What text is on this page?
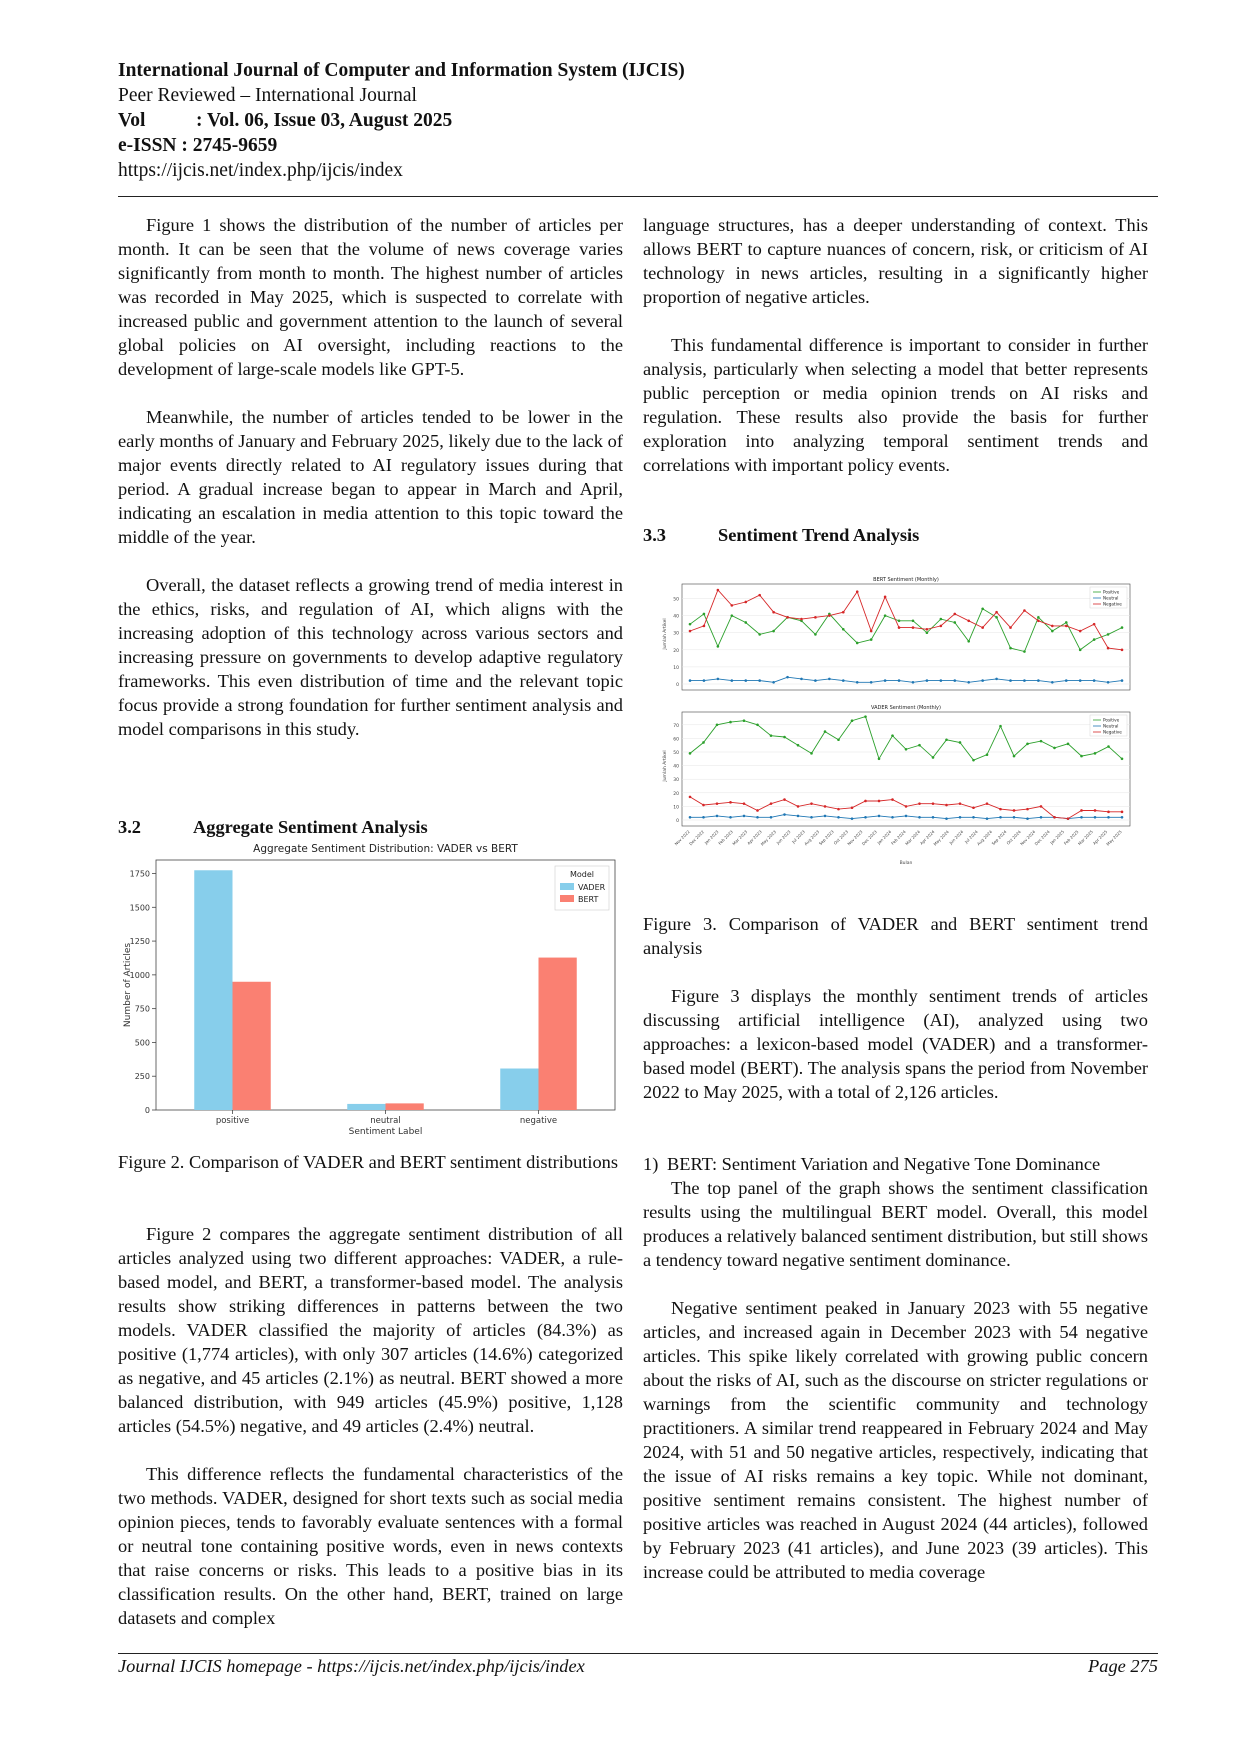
International Journal of Computer and Information System (IJCIS)
Peer Reviewed – International Journal
Vol	: Vol. 06, Issue 03, August 2025
e-ISSN : 2745-9659
https://ijcis.net/index.php/ijcis/index

Figure 1 shows the distribution of the number of articles per month. It can be seen that the volume of news coverage varies significantly from month to month. The highest number of articles was recorded in May 2025, which is suspected to correlate with increased public and government attention to the launch of several global policies on AI oversight, including reactions to the development of large-scale models like GPT-5.

Meanwhile, the number of articles tended to be lower in the early months of January and February 2025, likely due to the lack of major events directly related to AI regulatory issues during that period. A gradual increase began to appear in March and April, indicating an escalation in media attention to this topic toward the middle of the year.

Overall, the dataset reflects a growing trend of media interest in the ethics, risks, and regulation of AI, which aligns with the increasing adoption of this technology across various sectors and increasing pressure on governments to develop adaptive regulatory frameworks. This even distribution of time and the relevant topic focus provide a strong foundation for further sentiment analysis and model comparisons in this study.

3.2	Aggregate Sentiment Analysis
Aggregate Sentiment Distribution: VADER vs BERT
0
250
500
750
1000
1250
1500
1750
Number of Articles
positive	neutral	negative
Sentiment Label
Model
VADER
BERT
Figure 2. Comparison of VADER and BERT sentiment distributions

Figure 2 compares the aggregate sentiment distribution of all articles analyzed using two different approaches: VADER, a rule-based model, and BERT, a transformer-based model. The analysis results show striking differences in patterns between the two models. VADER classified the majority of articles (84.3%) as positive (1,774 articles), with only 307 articles (14.6%) categorized as negative, and 45 articles (2.1%) as neutral. BERT showed a more balanced distribution, with 949 articles (45.9%) positive, 1,128 articles (54.5%) negative, and 49 articles (2.4%) neutral.

This difference reflects the fundamental characteristics of the two methods. VADER, designed for short texts such as social media opinion pieces, tends to favorably evaluate sentences with a formal or neutral tone containing positive words, even in news contexts that raise concerns or risks. This leads to a positive bias in its classification results. On the other hand, BERT, trained on large datasets and complex

language structures, has a deeper understanding of context. This allows BERT to capture nuances of concern, risk, or criticism of AI technology in news articles, resulting in a significantly higher proportion of negative articles.

This fundamental difference is important to consider in further analysis, particularly when selecting a model that better represents public perception or media opinion trends on AI risks and regulation. These results also provide the basis for further exploration into analyzing temporal sentiment trends and correlations with important policy events.

3.3	Sentiment Trend Analysis
BERT Sentiment (Monthly)
0
10
20
30
40
50
Jumlah Artikel
Positive
Neutral
Negative
VADER Sentiment (Monthly)
0
10
20
30
40
50
60
70
Jumlah Artikel
Positive
Neutral
Negative
Nov 2022
Dec 2022
Jan 2023
Feb 2023
Mar 2023
Apr 2023
May 2023
Jun 2023 Jul 2023
Aug 2023
Sep 2023
Oct 2023
Nov 2023
Dec 2023
Jan 2024
Feb 2024
Mar 2024
Apr 2024
May 2024
Jun 2024 Jul 2024
Aug 2024
Sep 2024
Oct 2024
Nov 2024
Dec 2024
Jan 2025
Feb 2025
Mar 2025
Apr 2025
May 2025
Bulan
Figure 3. Comparison of VADER and BERT sentiment trend analysis

Figure 3 displays the monthly sentiment trends of articles discussing artificial intelligence (AI), analyzed using two approaches: a lexicon-based model (VADER) and a transformer-based model (BERT). The analysis spans the period from November 2022 to May 2025, with a total of 2,126 articles.

1) BERT: Sentiment Variation and Negative Tone Dominance

The top panel of the graph shows the sentiment classification results using the multilingual BERT model. Overall, this model produces a relatively balanced sentiment distribution, but still shows a tendency toward negative sentiment dominance.

Negative sentiment peaked in January 2023 with 55 negative articles, and increased again in December 2023 with 54 negative articles. This spike likely correlated with growing public concern about the risks of AI, such as the discourse on stricter regulations or warnings from the scientific community and technology practitioners. A similar trend reappeared in February 2024 and May 2024, with 51 and 50 negative articles, respectively, indicating that the issue of AI risks remains a key topic. While not dominant, positive sentiment remains consistent. The highest number of positive articles was reached in August 2024 (44 articles), followed by February 2023 (41 articles), and June 2023 (39 articles). This increase could be attributed to media coverage

Journal IJCIS homepage - https://ijcis.net/index.php/ijcis/index	Page 275
